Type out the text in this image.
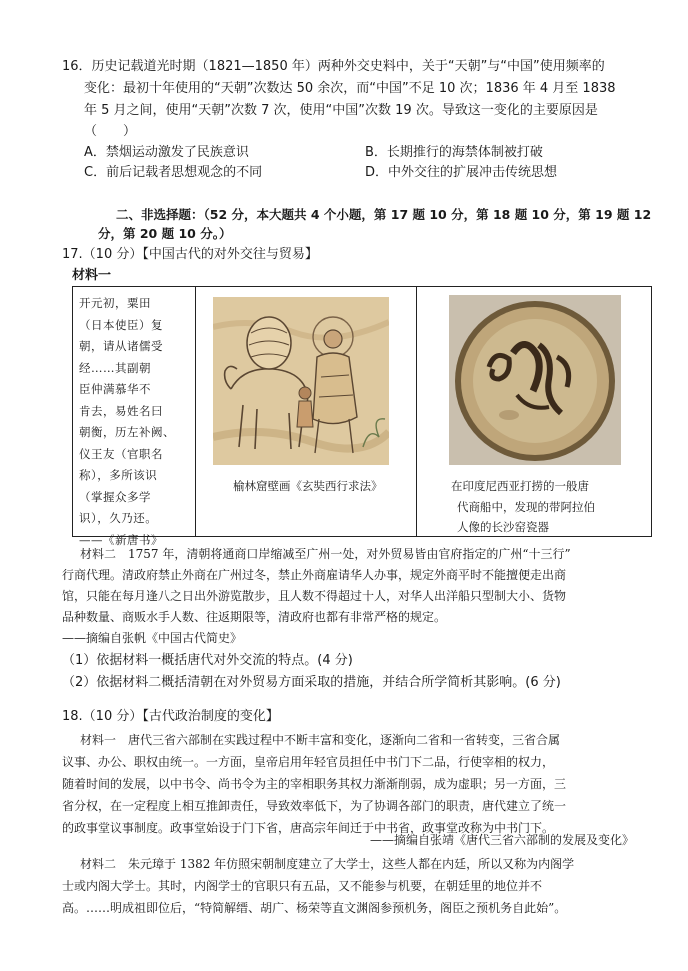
16．历史记载道光时期（1821—1850 年）两种外交史料中，关于“天朝”与“中国”使用频率的
变化：最初十年使用的“天朝”次数达 50 余次，而“中国”不足 10 次；1836 年 4 月至 1838
年 5 月之间，使用“天朝”次数 7 次，使用“中国”次数 19 次。导致这一变化的主要原因是
（　　）
A．禁烟运动激发了民族意识	B．长期推行的海禁体制被打破
C．前后记载者思想观念的不同	D．中外交往的扩展冲击传统思想
二、非选择题：（52 分，本大题共 4 个小题，第 17 题 10 分，第 18 题 10 分，第 19 题 12
分，第 20 题 10 分。）
17.（10 分）【中国古代的对外交往与贸易】
材料一
开元初，粟田
（日本使臣）复
朝，请从诸儒受
经……其副朝
臣仲满慕华不
肯去，易姓名曰
朝衡，历左补阙、
仪王友（官职名
称），多所该识
（掌握众多学
识），久乃还。
——《新唐书》
榆林窟壁画《玄奘西行求法》	在印度尼西亚打捞的一般唐
代商船中，发现的带阿拉伯
人像的长沙窑瓷器
材料二　1757 年，清朝将通商口岸缩减至广州一处，对外贸易皆由官府指定的广州“十三行”
行商代理。清政府禁止外商在广州过冬，禁止外商雇请华人办事，规定外商平时不能擅便走出商
馆，只能在每月逢八之日出外游览散步，且人数不得超过十人，对华人出洋船只型制大小、货物
品种数量、商贩水手人数、往返期限等，清政府也都有非常严格的规定。
——摘编自张帆《中国古代简史》
（1）依据材料一概括唐代对外交流的特点。(4 分)
（2）依据材料二概括清朝在对外贸易方面采取的措施，并结合所学简析其影响。(6 分)
18.（10 分）【古代政治制度的变化】
材料一　唐代三省六部制在实践过程中不断丰富和变化，逐渐向二省和一省转变，三省合属
议事、办公、职权由统一。一方面，皇帝启用年轻官员担任中书门下二品，行使宰相的权力，
随着时间的发展，以中书令、尚书令为主的宰相职务其权力渐渐削弱，成为虚职；另一方面，三
省分权，在一定程度上相互推卸责任，导致效率低下，为了协调各部门的职责，唐代建立了统一
的政事堂议事制度。政事堂始设于门下省，唐高宗年间迁于中书省，政事堂改称为中书门下。
——摘编自张靖《唐代三省六部制的发展及变化》
材料二　朱元璋于 1382 年仿照宋朝制度建立了大学士，这些人都在内廷，所以又称为内阁学
士或内阁大学士。其时，内阁学士的官职只有五品，又不能参与机要，在朝廷里的地位并不
高。……明成祖即位后，“特简解缙、胡广、杨荣等直文渊阁参预机务，阁臣之预机务自此始”。
